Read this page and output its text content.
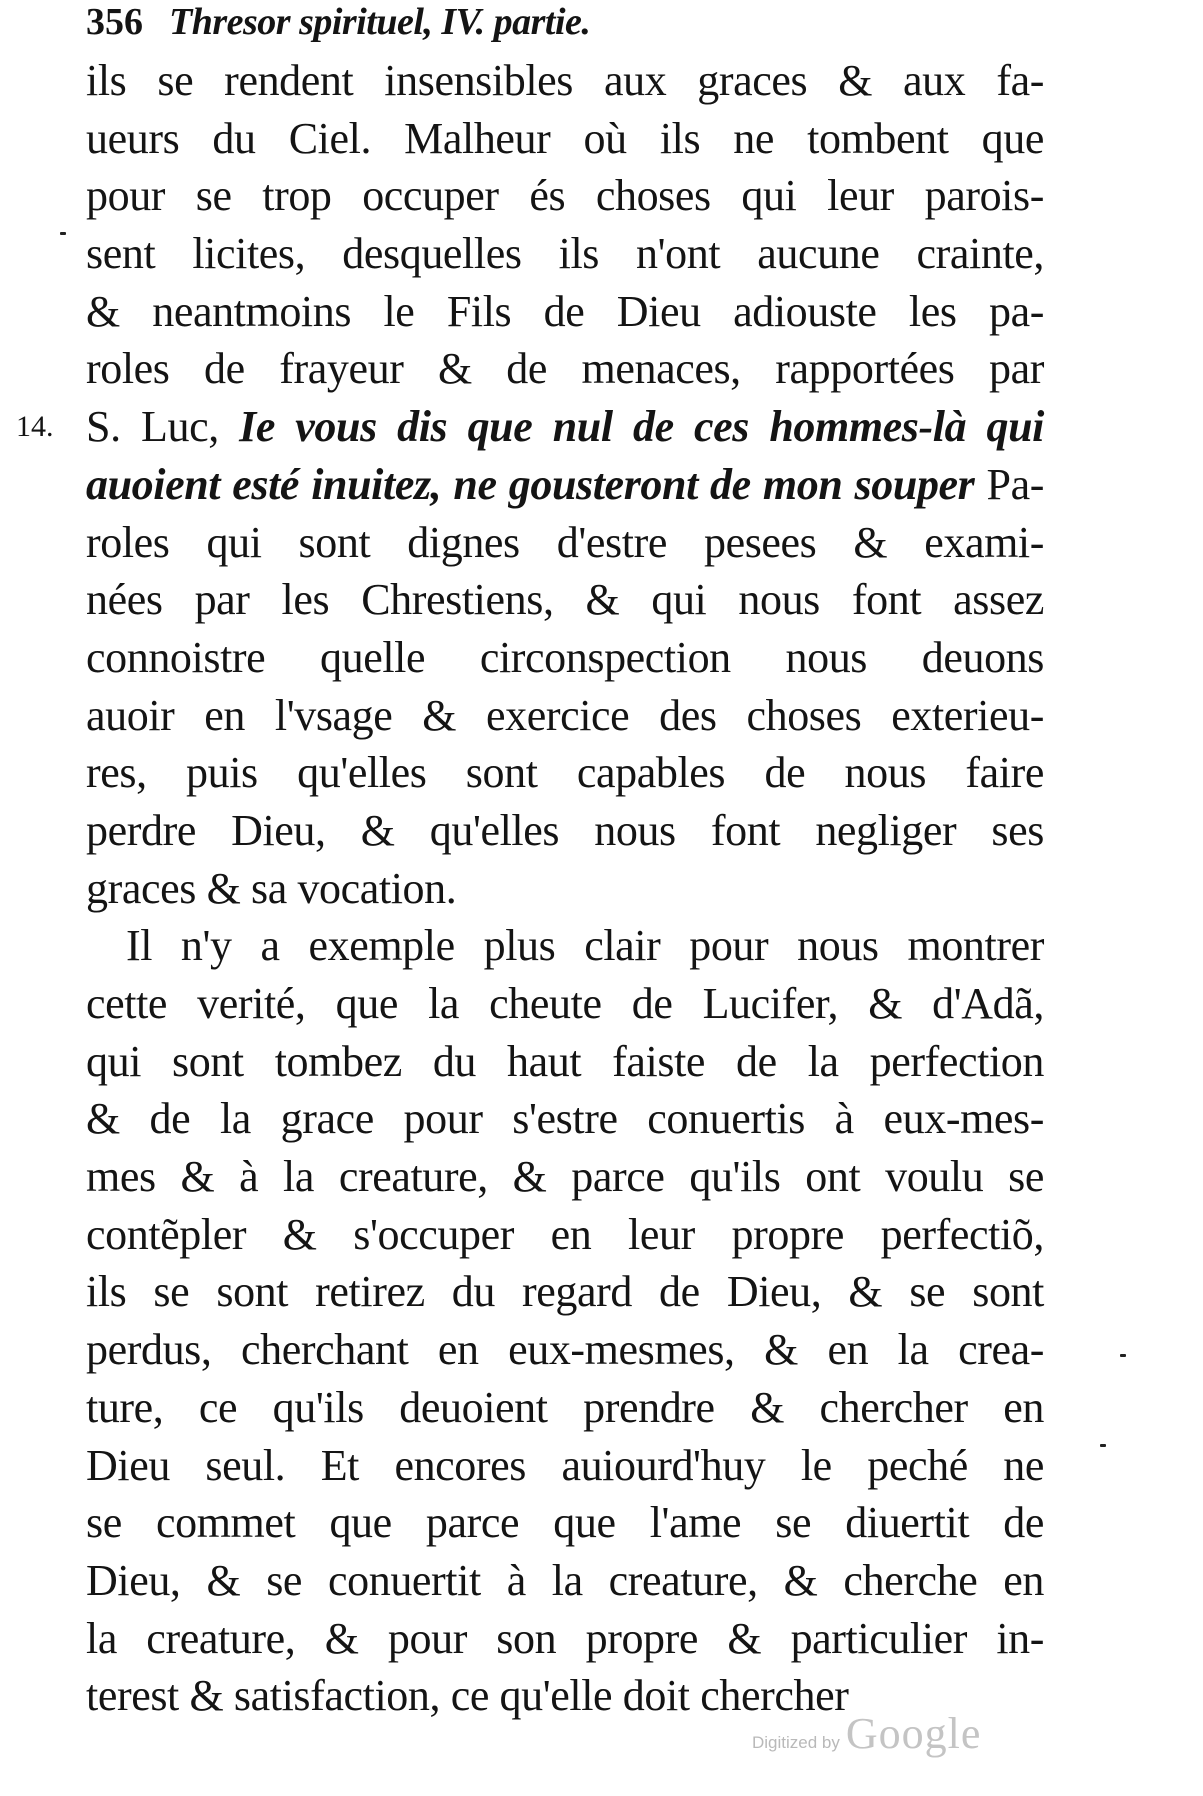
356 Thresor spirituel, IV. partie.
14.
ils se rendent insensibles aux graces & aux fa-
ueurs du Ciel. Malheur où ils ne tombent que
pour se trop occuper és choses qui leur parois-
sent licites, desquelles ils n'ont aucune crainte,
& neantmoins le Fils de Dieu adiouste les pa-
roles de frayeur & de menaces, rapportées par
S. Luc, Ie vous dis que nul de ces hommes-là qui
auoient esté inuitez, ne gousteront de mon souper Pa-
roles qui sont dignes d'estre pesees & exami-
nées par les Chrestiens, & qui nous font assez
connoistre quelle circonspection nous deuons
auoir en l'vsage & exercice des choses exterieu-
res, puis qu'elles sont capables de nous faire
perdre Dieu, & qu'elles nous font negliger ses
graces & sa vocation.
Il n'y a exemple plus clair pour nous montrer
cette verité, que la cheute de Lucifer, & d'Adã,
qui sont tombez du haut faiste de la perfection
& de la grace pour s'estre conuertis à eux-mes-
mes & à la creature, & parce qu'ils ont voulu se
contẽpler & s'occuper en leur propre perfectiõ,
ils se sont retirez du regard de Dieu, & se sont
perdus, cherchant en eux-mesmes, & en la crea-
ture, ce qu'ils deuoient prendre & chercher en
Dieu seul. Et encores auiourd'huy le peché ne
se commet que parce que l'ame se diuertit de
Dieu, & se conuertit à la creature, & cherche en
la creature, & pour son propre & particulier in-
terest & satisfaction, ce qu'elle doit chercher
Digitized by Google
